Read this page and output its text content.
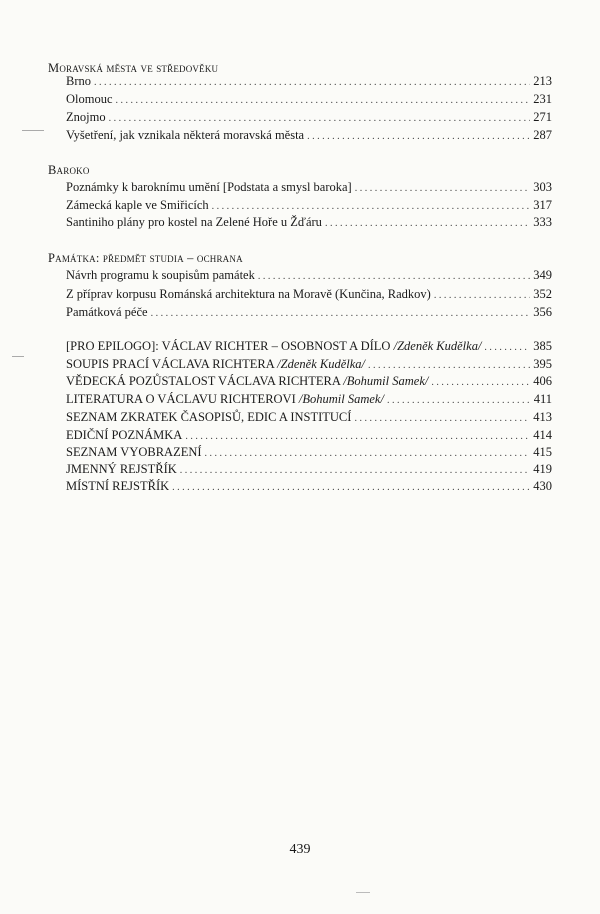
Moravská města ve středověku
Brno . . .	213
Olomouc . . .	231
Znojmo . . .	271
Vyšetření, jak vznikala některá moravská města . . .	287
Baroko
Poznámky k baroknímu umění [Podstata a smysl baroka] . . .	303
Zámecká kaple ve Smiřicích . . .	317
Santiniho plány pro kostel na Zelené Hoře u Žďáru . . .	333
Památka: předmět studia – ochrana
Návrh programu k soupisům památek . . .	349
Z příprav korpusu Románská architektura na Moravě (Kunčina, Radkov) . . .	352
Památková péče . . .	356
[PRO EPILOGO]: VÁCLAV RICHTER – OSOBNOST A DÍLO /Zdeněk Kudělka/ . . .	385
SOUPIS PRACÍ VÁCLAVA RICHTERA /Zdeněk Kudělka/ . . .	395
VĚDECKÁ POZŮSTALOST VÁCLAVA RICHTERA /Bohumil Samek/ . . .	406
LITERATURA O VÁCLAVU RICHTEROVI /Bohumil Samek/ . . .	411
SEZNAM ZKRATEK ČASOPISŮ, EDIC A INSTITUCÍ . . .	413
EDIČNÍ POZNÁMKA . . .	414
SEZNAM VYOBRAZENÍ . . .	415
JMENNÝ REJSTŘÍK . . .	419
MÍSTNÍ REJSTŘÍK . . .	430
439
